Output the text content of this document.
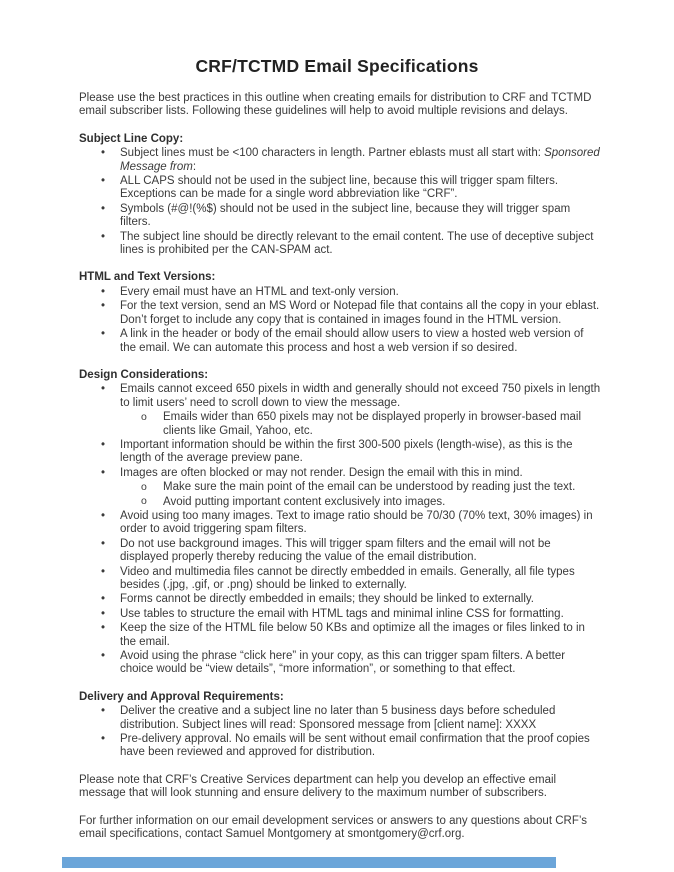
CRF/TCTMD Email Specifications

Please use the best practices in this outline when creating emails for distribution to CRF and TCTMD email subscriber lists. Following these guidelines will help to avoid multiple revisions and delays.

Subject Line Copy:
• Subject lines must be <100 characters in length. Partner eblasts must all start with: Sponsored Message from:
• ALL CAPS should not be used in the subject line, because this will trigger spam filters. Exceptions can be made for a single word abbreviation like “CRF”.
• Symbols (#@!(%$) should not be used in the subject line, because they will trigger spam filters.
• The subject line should be directly relevant to the email content. The use of deceptive subject lines is prohibited per the CAN-SPAM act.
HTML and Text Versions:
• Every email must have an HTML and text-only version.
• For the text version, send an MS Word or Notepad file that contains all the copy in your eblast. Don’t forget to include any copy that is contained in images found in the HTML version.
• A link in the header or body of the email should allow users to view a hosted web version of the email. We can automate this process and host a web version if so desired.
Design Considerations:
• Emails cannot exceed 650 pixels in width and generally should not exceed 750 pixels in length to limit users’ need to scroll down to view the message.
o Emails wider than 650 pixels may not be displayed properly in browser-based mail clients like Gmail, Yahoo, etc.
• Important information should be within the first 300-500 pixels (length-wise), as this is the length of the average preview pane.
• Images are often blocked or may not render. Design the email with this in mind.
o Make sure the main point of the email can be understood by reading just the text.
o Avoid putting important content exclusively into images.
• Avoid using too many images. Text to image ratio should be 70/30 (70% text, 30% images) in order to avoid triggering spam filters.
• Do not use background images. This will trigger spam filters and the email will not be displayed properly thereby reducing the value of the email distribution.
• Video and multimedia files cannot be directly embedded in emails. Generally, all file types besides (.jpg, .gif, or .png) should be linked to externally.
• Forms cannot be directly embedded in emails; they should be linked to externally.
• Use tables to structure the email with HTML tags and minimal inline CSS for formatting.
• Keep the size of the HTML file below 50 KBs and optimize all the images or files linked to in the email.
• Avoid using the phrase “click here” in your copy, as this can trigger spam filters. A better choice would be “view details”, “more information”, or something to that effect.
Delivery and Approval Requirements:
• Deliver the creative and a subject line no later than 5 business days before scheduled distribution. Subject lines will read: Sponsored message from [client name]: XXXX
• Pre-delivery approval. No emails will be sent without email confirmation that the proof copies have been reviewed and approved for distribution.

Please note that CRF’s Creative Services department can help you develop an effective email message that will look stunning and ensure delivery to the maximum number of subscribers.

For further information on our email development services or answers to any questions about CRF’s email specifications, contact Samuel Montgomery at smontgomery@crf.org.
